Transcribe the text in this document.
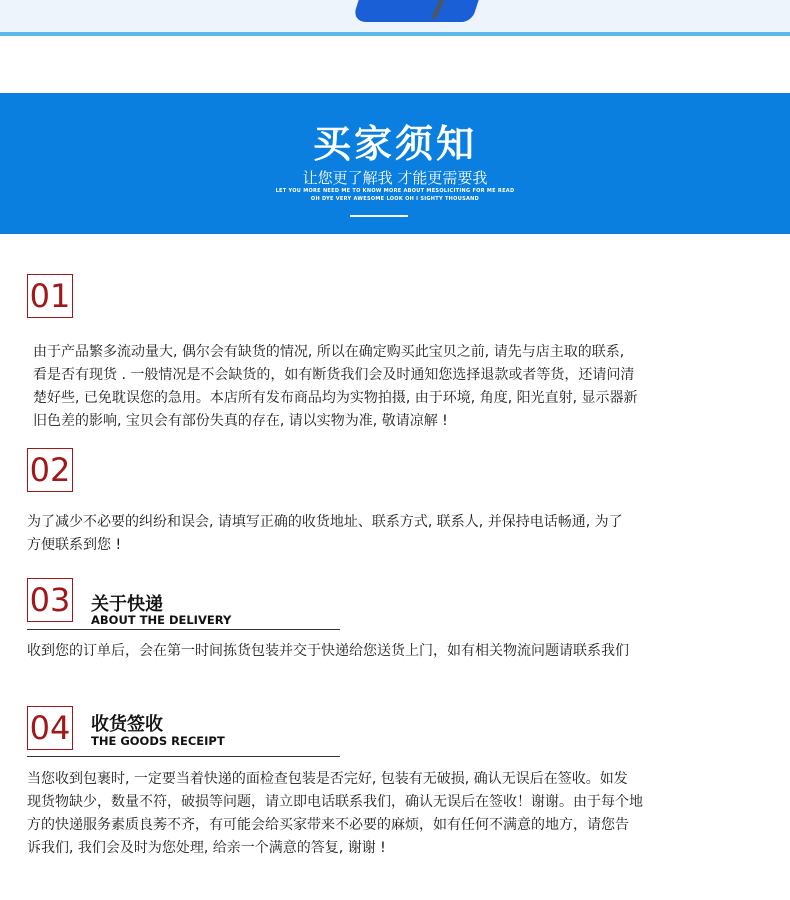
买家须知
让您更了解我 才能更需要我
LET YOU MORE NEED ME TO KNOW MORE ABOUT MESOLICITING FOR ME READ
OH DYE VERY AWESOME LOOK OH I SIGHTY THOUSAND
01
由于产品繁多流动量大, 偶尔会有缺货的情况, 所以在确定购买此宝贝之前, 请先与店主取的联系,
看是否有现货 . 一般情况是不会缺货的，如有断货我们会及时通知您选择退款或者等货，还请问清
楚好些, 已免耽误您的急用。本店所有发布商品均为实物拍摄, 由于环境, 角度, 阳光直射, 显示器新
旧色差的影响, 宝贝会有部份失真的存在, 请以实物为准, 敬请凉解 !
02
为了减少不必要的纠纷和误会, 请填写正确的收货地址、联系方式, 联系人, 并保持电话畅通, 为了
方便联系到您 !
03 关于快递
ABOUT THE DELIVERY
收到您的订单后，会在第一时间拣货包装并交于快递给您送货上门，如有相关物流问题请联系我们
04 收货签收
THE GOODS RECEIPT
当您收到包裹时, 一定要当着快递的面检查包装是否完好, 包装有无破损, 确认无误后在签收。如发
现货物缺少，数量不符，破损等问题，请立即电话联系我们，确认无误后在签收！谢谢。由于每个地
方的快递服务素质良莠不齐，有可能会给买家带来不必要的麻烦，如有任何不满意的地方，请您告
诉我们, 我们会及时为您处理, 给亲一个满意的答复, 谢谢 !
